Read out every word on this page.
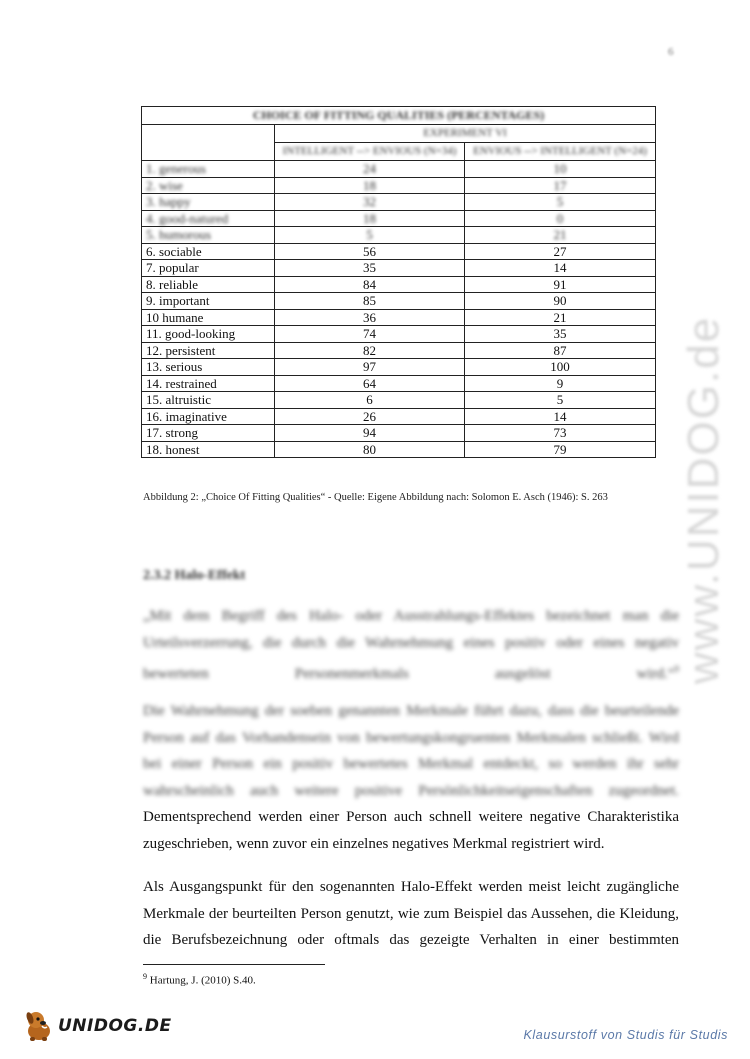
6
www.UNIDOG.de
CHOICE OF FITTING QUALITIES (PERCENTAGES)		
	EXPERIMENT VI	
	INTELLIGENT --> ENVIOUS (N=34)	ENVIOUS --> INTELLIGENT (N=24)
1. generous	24	10
2. wise	18	17
3. happy	32	5
4. good-natured	18	0
5. humorous	5	21
6. sociable	56	27
7. popular	35	14
8. reliable	84	91
9. important	85	90
10 humane	36	21
11. good-looking	74	35
12. persistent	82	87
13. serious	97	100
14. restrained	64	9
15. altruistic	6	5
16. imaginative	26	14
17. strong	94	73
18. honest	80	79
Abbildung 2: „Choice Of Fitting Qualities“ - Quelle: Eigene Abbildung nach: Solomon E. Asch (1946): S. 263
2.3.2 Halo-Effekt
„Mit dem Begriff des Halo- oder Ausstrahlungs-Effektes bezeichnet man die Urteilsverzerrung, die durch die Wahrnehmung eines positiv oder eines negativ bewerteten Personenmerkmals ausgelöst wird.“$^9$
Die Wahrnehmung der soeben genannten Merkmale führt dazu, dass die beurteilende Person auf das Vorhandensein von bewertungskongruenten Merkmalen schließt. Wird bei einer Person ein positiv bewertetes Merkmal entdeckt, so werden ihr sehr wahrscheinlich auch weitere positive Persönlichkeitseigenschaften zugeordnet.
Dementsprechend werden einer Person auch schnell weitere negative Charakteristika zugeschrieben, wenn zuvor ein einzelnes negatives Merkmal registriert wird.
Als Ausgangspunkt für den sogenannten Halo-Effekt werden meist leicht zugängliche Merkmale der beurteilten Person genutzt, wie zum Beispiel das Aussehen, die Kleidung, die Berufsbezeichnung oder oftmals das gezeigte Verhalten in einer bestimmten
$^9$ Hartung, J. (2010) S.40.
UNIDOG.DE	Klausurstoff von Studis für Studis
